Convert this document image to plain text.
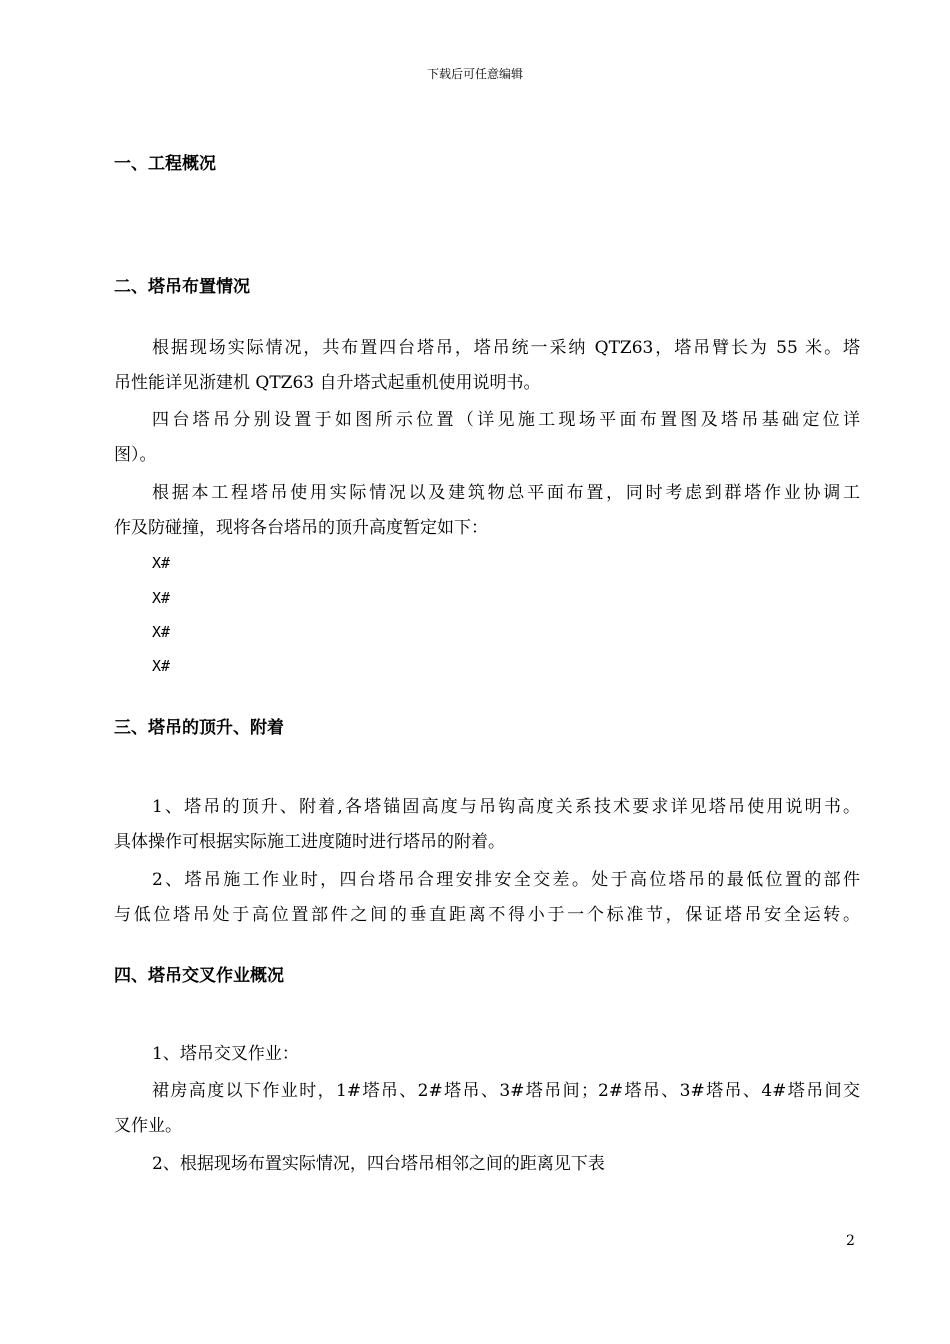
下载后可任意编辑
一、工程概况
二、塔吊布置情况
根据现场实际情况，共布置四台塔吊，塔吊统一采纳 QTZ63，塔吊臂长为 55 米。塔
吊性能详见浙建机 QTZ63 自升塔式起重机使用说明书。
四台塔吊分别设置于如图所示位置（详见施工现场平面布置图及塔吊基础定位详
图）。
根据本工程塔吊使用实际情况以及建筑物总平面布置，同时考虑到群塔作业协调工
作及防碰撞，现将各台塔吊的顶升高度暂定如下：
X#
X#
X#
X#
三、塔吊的顶升、附着
1、塔吊的顶升、附着,各塔锚固高度与吊钩高度关系技术要求详见塔吊使用说明书。
具体操作可根据实际施工进度随时进行塔吊的附着。
2、塔吊施工作业时，四台塔吊合理安排安全交差。处于高位塔吊的最低位置的部件
与低位塔吊处于高位置部件之间的垂直距离不得小于一个标准节，保证塔吊安全运转。
四、塔吊交叉作业概况
1、塔吊交叉作业：
裙房高度以下作业时，1#塔吊、2#塔吊、3#塔吊间；2#塔吊、3#塔吊、4#塔吊间交
叉作业。
2、根据现场布置实际情况，四台塔吊相邻之间的距离见下表
2
